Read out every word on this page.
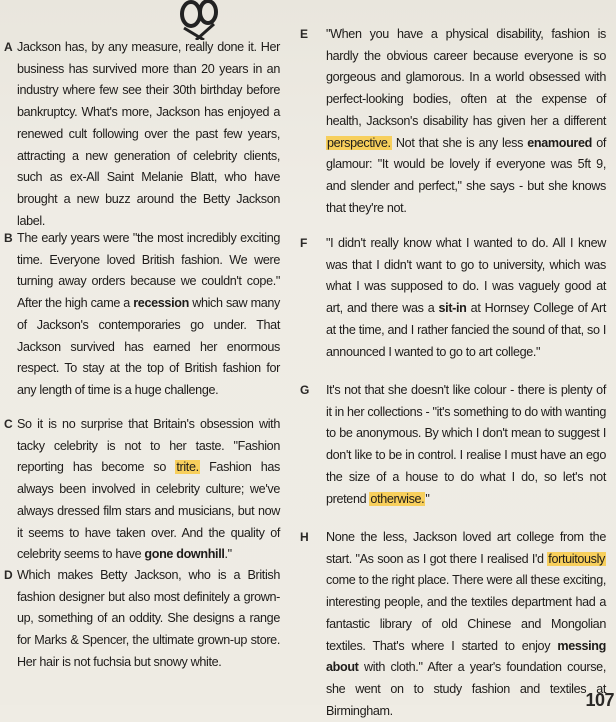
A Jackson has, by any measure, really done it. Her business has survived more than 20 years in an industry where few see their 30th birthday before bankruptcy. What's more, Jackson has enjoyed a renewed cult following over the past few years, attracting a new generation of celebrity clients, such as ex-All Saint Melanie Blatt, who have brought a new buzz around the Betty Jackson label.
B The early years were "the most incredibly exciting time. Everyone loved British fashion. We were turning away orders because we couldn't cope." After the high came a recession which saw many of Jackson's contemporaries go under. That Jackson survived has earned her enormous respect. To stay at the top of British fashion for any length of time is a huge challenge.
C So it is no surprise that Britain's obsession with tacky celebrity is not to her taste. "Fashion reporting has become so trite. Fashion has always been involved in celebrity culture; we've always dressed film stars and musicians, but now it seems to have taken over. And the quality of celebrity seems to have gone downhill."
D Which makes Betty Jackson, who is a British fashion designer but also most definitely a grown-up, something of an oddity. She designs a range for Marks & Spencer, the ultimate grown-up store. Her hair is not fuchsia but snowy white.
E "When you have a physical disability, fashion is hardly the obvious career because everyone is so gorgeous and glamorous. In a world obsessed with perfect-looking bodies, often at the expense of health, Jackson's disability has given her a different perspective. Not that she is any less enamoured of glamour: "It would be lovely if everyone was 5ft 9, and slender and perfect," she says - but she knows that they're not.
F "I didn't really know what I wanted to do. All I knew was that I didn't want to go to university, which was what I was supposed to do. I was vaguely good at art, and there was a sit-in at Hornsey College of Art at the time, and I rather fancied the sound of that, so I announced I wanted to go to art college."
G It's not that she doesn't like colour - there is plenty of it in her collections - "it's something to do with wanting to be anonymous. By which I don't mean to suggest I don't like to be in control. I realise I must have an ego the size of a house to do what I do, so let's not pretend otherwise."
H None the less, Jackson loved art college from the start. "As soon as I got there I realised I'd fortuitously come to the right place. There were all these exciting, interesting people, and the textiles department had a fantastic library of old Chinese and Mongolian textiles. That's where I started to enjoy messing about with cloth." After a year's foundation course, she went on to study fashion and textiles at Birmingham.
107
